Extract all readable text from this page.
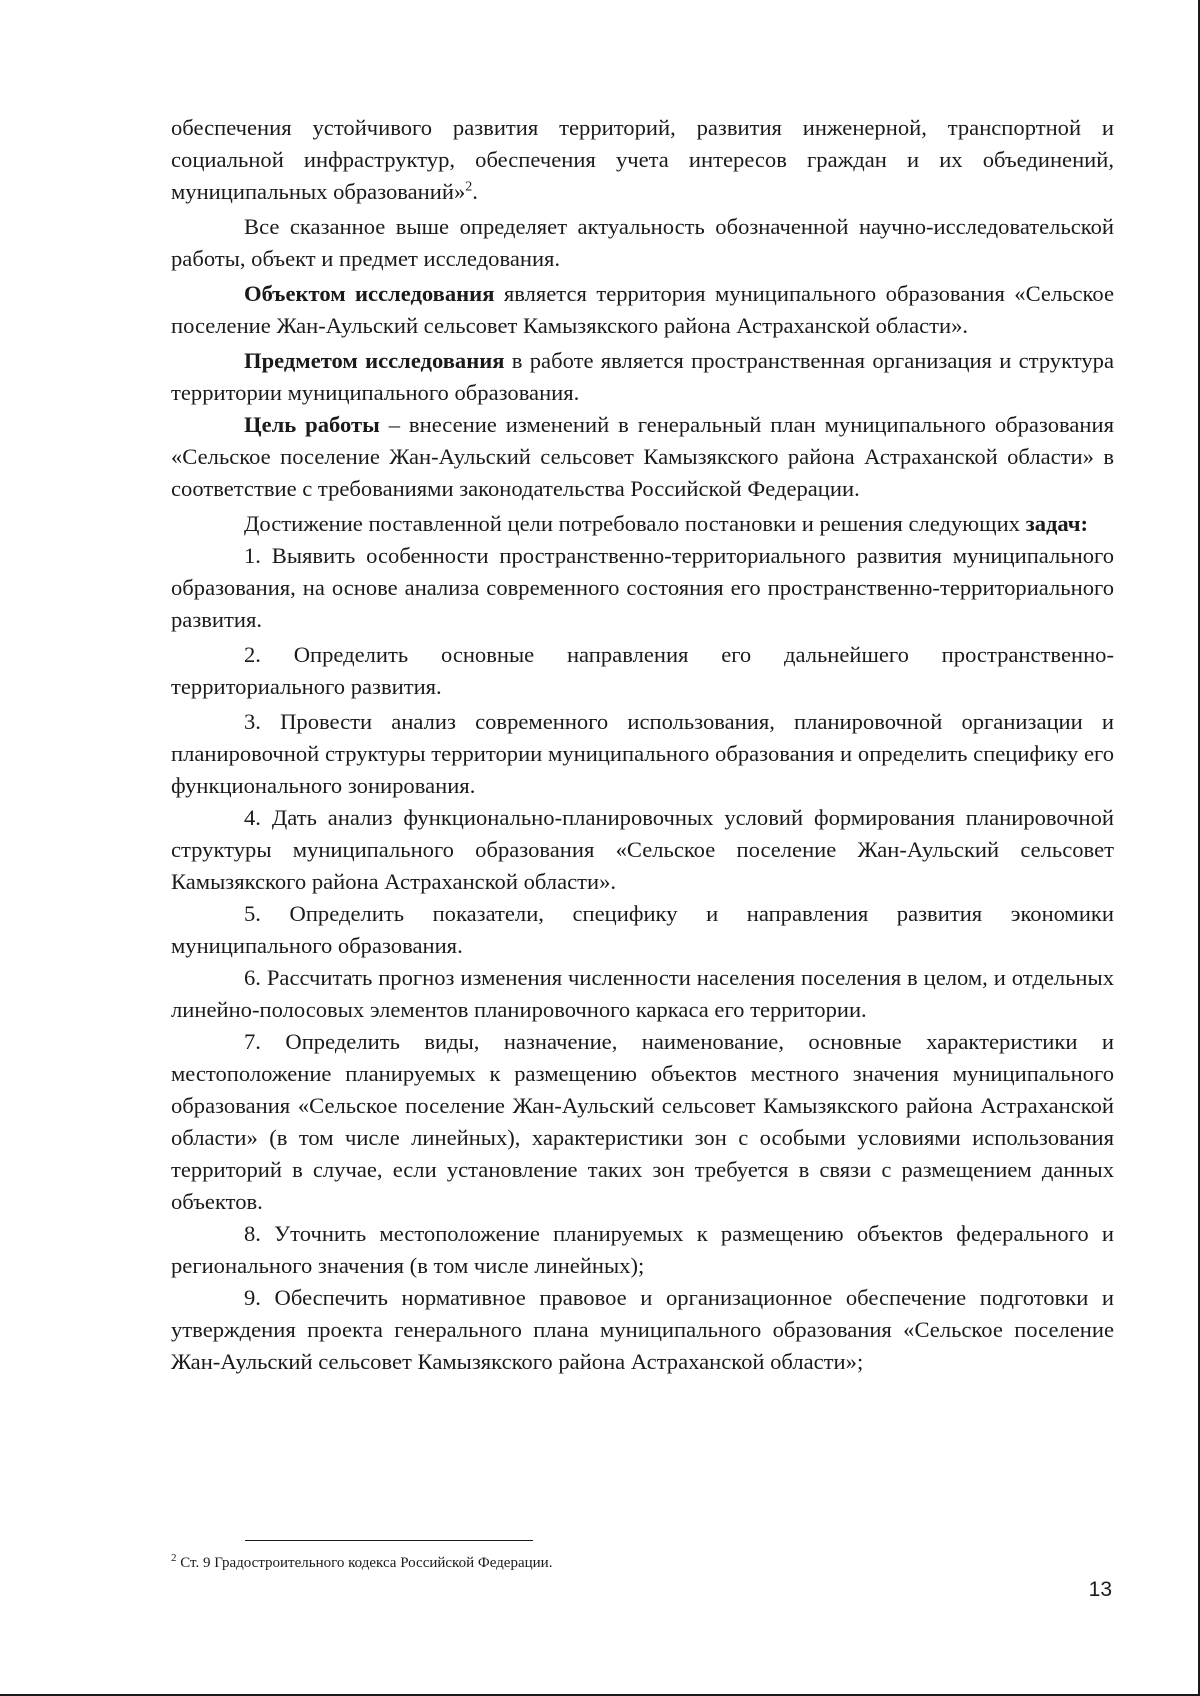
обеспечения устойчивого развития территорий, развития инженерной, транспортной и социальной инфраструктур, обеспечения учета интересов граждан и их объединений, муниципальных образований»$^2$.

Все сказанное выше определяет актуальность обозначенной научно-исследовательской работы, объект и предмет исследования.

Объектом исследования является территория муниципального образования «Сельское поселение Жан-Аульский сельсовет Камызякского района Астраханской области».

Предметом исследования в работе является пространственная организация и структура территории муниципального образования.

Цель работы – внесение изменений в генеральный план муниципального образования «Сельское поселение Жан-Аульский сельсовет Камызякского района Астраханской области» в соответствие с требованиями законодательства Российской Федерации.

Достижение поставленной цели потребовало постановки и решения следующих задач:

1. Выявить особенности пространственно-территориального развития муниципального образования, на основе анализа современного состояния его пространственно-территориального развития.

2. Определить основные направления его дальнейшего пространственно-территориального развития.

3. Провести анализ современного использования, планировочной организации и планировочной структуры территории муниципального образования и определить специфику его функционального зонирования.

4. Дать анализ функционально-планировочных условий формирования планировочной структуры муниципального образования «Сельское поселение Жан-Аульский сельсовет Камызякского района Астраханской области».

5. Определить показатели, специфику и направления развития экономики муниципального образования.

6. Рассчитать прогноз изменения численности населения поселения в целом, и отдельных линейно-полосовых элементов планировочного каркаса его территории.

7. Определить виды, назначение, наименование, основные характеристики и местоположение планируемых к размещению объектов местного значения муниципального образования «Сельское поселение Жан-Аульский сельсовет Камызякского района Астраханской области» (в том числе линейных), характеристики зон с особыми условиями использования территорий в случае, если установление таких зон требуется в связи с размещением данных объектов.

8. Уточнить местоположение планируемых к размещению объектов федерального и регионального значения (в том числе линейных);

9. Обеспечить нормативное правовое и организационное обеспечение подготовки и утверждения проекта генерального плана муниципального образования «Сельское поселение Жан-Аульский сельсовет Камызякского района Астраханской области»;

$^2$ Ст. 9 Градостроительного кодекса Российской Федерации.
13
